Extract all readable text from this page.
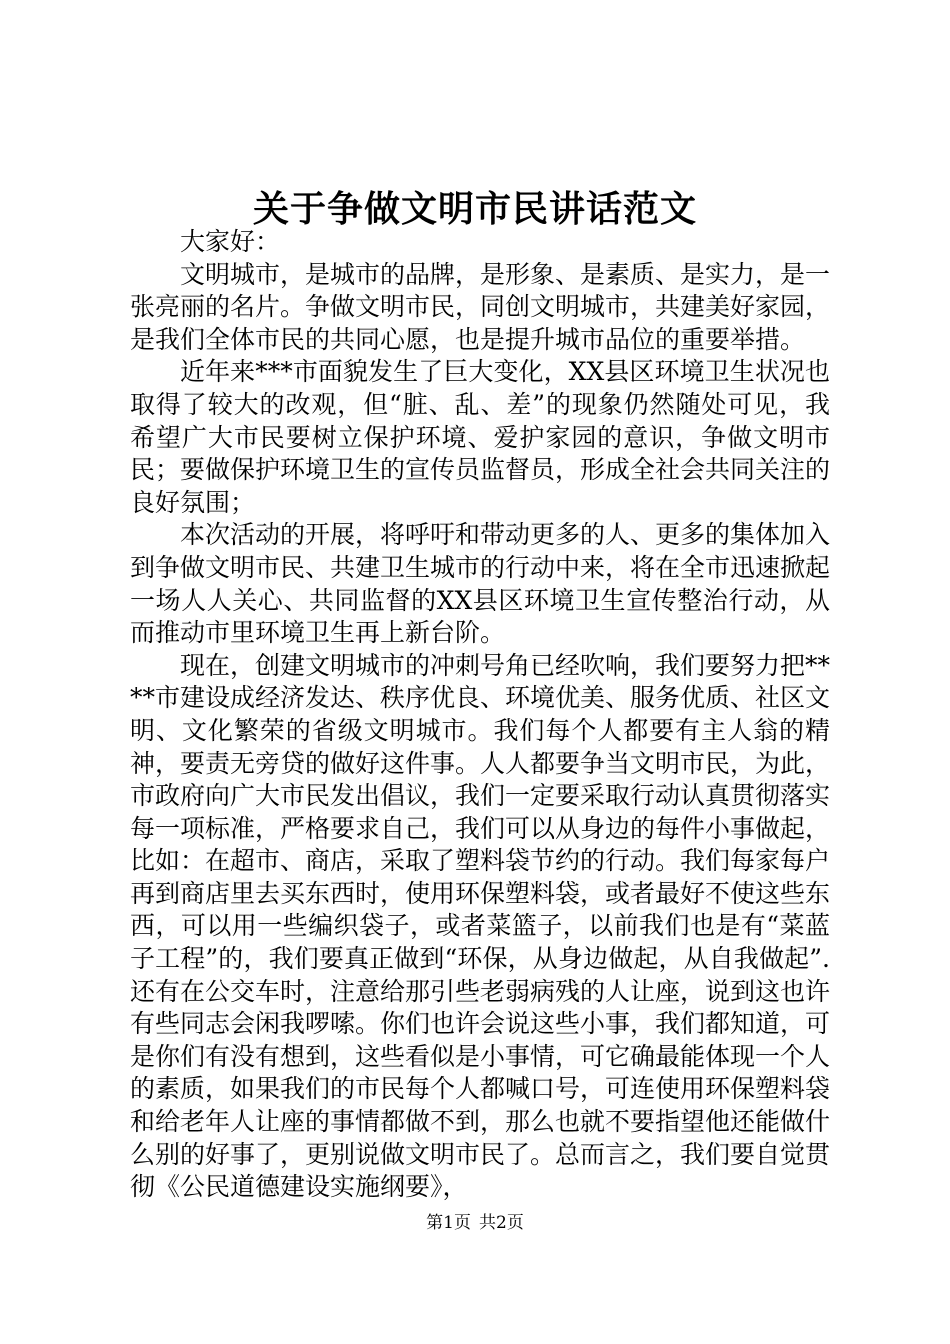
关于争做文明市民讲话范文

大家好：

文明城市，是城市的品牌，是形象、是素质、是实力，是一张亮丽的名片。争做文明市民，同创文明城市，共建美好家园，是我们全体市民的共同心愿，也是提升城市品位的重要举措。

近年来***市面貌发生了巨大变化，XX县区环境卫生状况也取得了较大的改观，但“脏、乱、差”的现象仍然随处可见，我希望广大市民要树立保护环境、爱护家园的意识，争做文明市民；要做保护环境卫生的宣传员监督员，形成全社会共同关注的良好氛围；

本次活动的开展，将呼吁和带动更多的人、更多的集体加入到争做文明市民、共建卫生城市的行动中来，将在全市迅速掀起一场人人关心、共同监督的XX县区环境卫生宣传整治行动，从而推动市里环境卫生再上新台阶。

现在，创建文明城市的冲刺号角已经吹响，我们要努力把****市建设成经济发达、秩序优良、环境优美、服务优质、社区文明、文化繁荣的省级文明城市。我们每个人都要有主人翁的精神，要责无旁贷的做好这件事。人人都要争当文明市民，为此，市政府向广大市民发出倡议，我们一定要采取行动认真贯彻落实每一项标准，严格要求自己，我们可以从身边的每件小事做起，比如：在超市、商店，采取了塑料袋节约的行动。我们每家每户再到商店里去买东西时，使用环保塑料袋，或者最好不使这些东西，可以用一些编织袋子，或者菜篮子，以前我们也是有“菜蓝子工程”的，我们要真正做到“环保，从身边做起，从自我做起”.还有在公交车时，注意给那引些老弱病残的人让座，说到这也许有些同志会闲我啰嗦。你们也许会说这些小事，我们都知道，可是你们有没有想到，这些看似是小事情，可它确最能体现一个人的素质，如果我们的市民每个人都喊口号，可连使用环保塑料袋和给老年人让座的事情都做不到，那么也就不要指望他还能做什么别的好事了，更别说做文明市民了。总而言之，我们要自觉贯彻《公民道德建设实施纲要》，

第1页 共2页
